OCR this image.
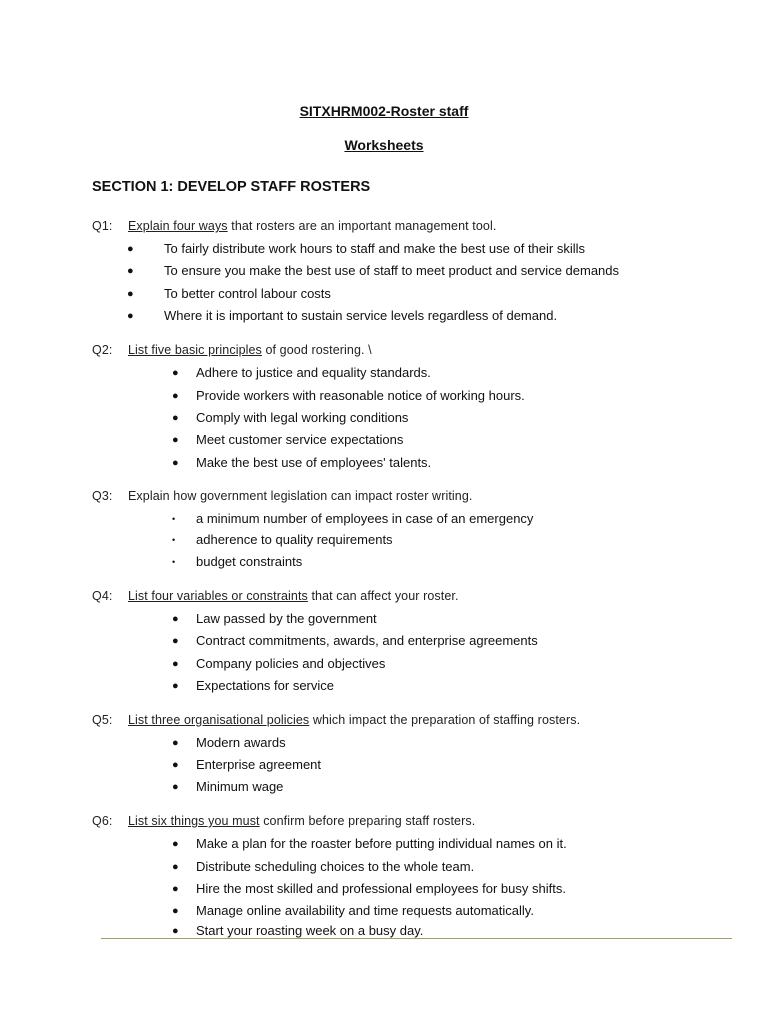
SITXHRM002-Roster staff
Worksheets
SECTION 1: DEVELOP STAFF ROSTERS
Q1: Explain four ways that rosters are an important management tool.
● To fairly distribute work hours to staff and make the best use of their skills
● To ensure you make the best use of staff to meet product and service demands
● To better control labour costs
● Where it is important to sustain service levels regardless of demand.
Q2: List five basic principles of good rostering. \
● Adhere to justice and equality standards.
● Provide workers with reasonable notice of working hours.
● Comply with legal working conditions
● Meet customer service expectations
● Make the best use of employees' talents.
Q3: Explain how government legislation can impact roster writing.
• a minimum number of employees in case of an emergency
• adherence to quality requirements
• budget constraints
Q4: List four variables or constraints that can affect your roster.
● Law passed by the government
● Contract commitments, awards, and enterprise agreements
● Company policies and objectives
● Expectations for service
Q5: List three organisational policies which impact the preparation of staffing rosters.
● Modern awards
● Enterprise agreement
● Minimum wage
Q6: List six things you must confirm before preparing staff rosters.
● Make a plan for the roaster before putting individual names on it.
● Distribute scheduling choices to the whole team.
● Hire the most skilled and professional employees for busy shifts.
● Manage online availability and time requests automatically.
● Start your roasting week on a busy day.
